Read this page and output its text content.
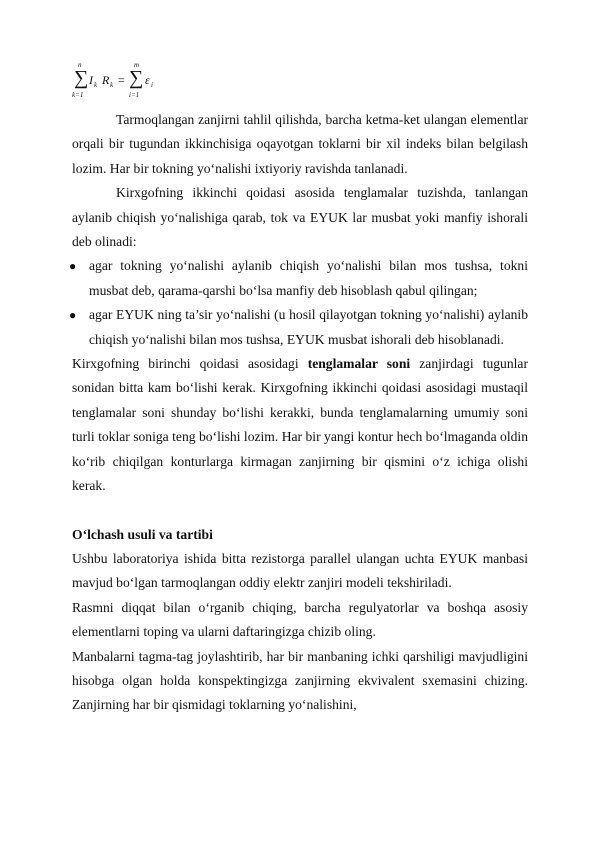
n
∑
k=1
I k R k =
m
∑
i=1
ε i

Tarmoqlangan zanjirni tahlil qilishda, barcha ketma-ket ulangan elementlar orqali bir tugundan ikkinchisiga oqayotgan toklarni bir xil indeks bilan belgilash lozim. Har bir tokning yo‘nalishi ixtiyoriy ravishda tanlanadi.

Kirxgofning ikkinchi qoidasi asosida tenglamalar tuzishda, tanlangan aylanib chiqish yo‘nalishiga qarab, tok va EYUK lar musbat yoki manfiy ishorali deb olinadi:

● agar tokning yo‘nalishi aylanib chiqish yo‘nalishi bilan mos tushsa, tokni musbat deb, qarama-qarshi bo‘lsa manfiy deb hisoblash qabul qilingan;
● agar EYUK ning ta’sir yo‘nalishi (u hosil qilayotgan tokning yo‘nalishi) aylanib chiqish yo‘nalishi bilan mos tushsa, EYUK musbat ishorali deb hisoblanadi.

Kirxgofning birinchi qoidasi asosidagi tenglamalar soni zanjirdagi tugunlar sonidan bitta kam bo‘lishi kerak. Kirxgofning ikkinchi qoidasi asosidagi mustaqil tenglamalar soni shunday bo‘lishi kerakki, bunda tenglamalarning umumiy soni turli toklar soniga teng bo‘lishi lozim. Har bir yangi kontur hech bo‘lmaganda oldin ko‘rib chiqilgan konturlarga kirmagan zanjirning bir qismini o‘z ichiga olishi kerak.

O‘lchash usuli va tartibi

Ushbu laboratoriya ishida bitta rezistorga parallel ulangan uchta EYUK manbasi mavjud bo‘lgan tarmoqlangan oddiy elektr zanjiri modeli tekshiriladi.

Rasmni diqqat bilan o‘rganib chiqing, barcha regulyatorlar va boshqa asosiy elementlarni toping va ularni daftaringizga chizib oling.

Manbalarni tagma-tag joylashtirib, har bir manbaning ichki qarshiligi mavjudligini hisobga olgan holda konspektingizga zanjirning ekvivalent sxemasini chizing. Zanjirning har bir qismidagi toklarning yo‘nalishini,
